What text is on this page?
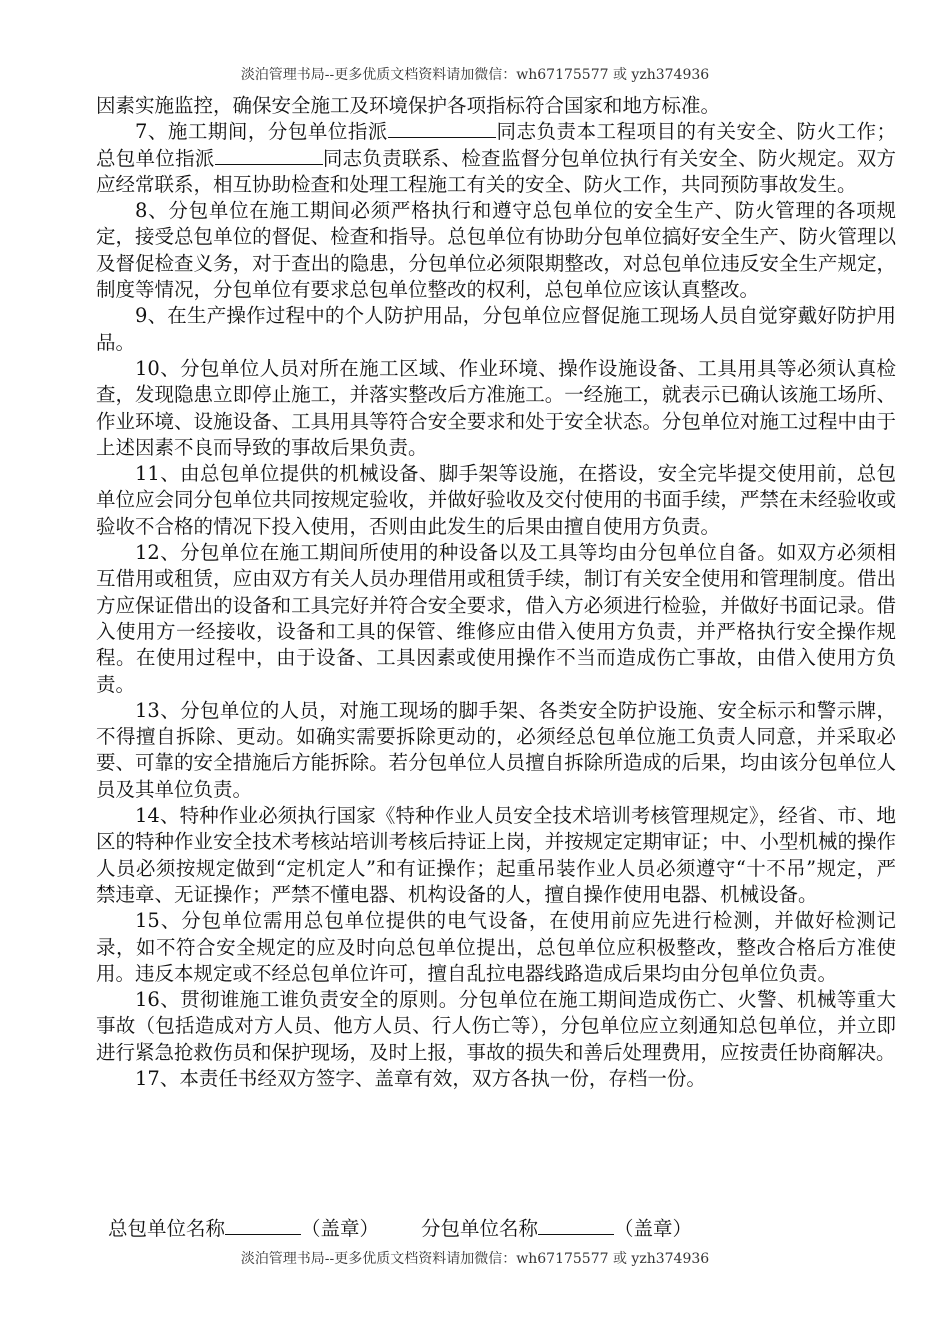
淡泊管理书局--更多优质文档资料请加微信：wh67175577 或 yzh374936

因素实施监控，确保安全施工及环境保护各项指标符合国家和地方标准。

7、施工期间，分包单位指派	同志负责本工程项目的有关安全、防火工作；总包单位指派	同志负责联系、检查监督分包单位执行有关安全、防火规定。双方应经常联系，相互协助检查和处理工程施工有关的安全、防火工作，共同预防事故发生。

8、分包单位在施工期间必须严格执行和遵守总包单位的安全生产、防火管理的各项规定，接受总包单位的督促、检查和指导。总包单位有协助分包单位搞好安全生产、防火管理以及督促检查义务，对于查出的隐患，分包单位必须限期整改，对总包单位违反安全生产规定，制度等情况，分包单位有要求总包单位整改的权利，总包单位应该认真整改。

9、在生产操作过程中的个人防护用品，分包单位应督促施工现场人员自觉穿戴好防护用品。

10、分包单位人员对所在施工区域、作业环境、操作设施设备、工具用具等必须认真检查，发现隐患立即停止施工，并落实整改后方准施工。一经施工，就表示已确认该施工场所、作业环境、设施设备、工具用具等符合安全要求和处于安全状态。分包单位对施工过程中由于上述因素不良而导致的事故后果负责。

11、由总包单位提供的机械设备、脚手架等设施，在搭设，安全完毕提交使用前，总包单位应会同分包单位共同按规定验收，并做好验收及交付使用的书面手续，严禁在未经验收或验收不合格的情况下投入使用，否则由此发生的后果由擅自使用方负责。

12、分包单位在施工期间所使用的种设备以及工具等均由分包单位自备。如双方必须相互借用或租赁，应由双方有关人员办理借用或租赁手续，制订有关安全使用和管理制度。借出方应保证借出的设备和工具完好并符合安全要求，借入方必须进行检验，并做好书面记录。借入使用方一经接收，设备和工具的保管、维修应由借入使用方负责，并严格执行安全操作规程。在使用过程中，由于设备、工具因素或使用操作不当而造成伤亡事故，由借入使用方负责。

13、分包单位的人员，对施工现场的脚手架、各类安全防护设施、安全标示和警示牌，不得擅自拆除、更动。如确实需要拆除更动的，必须经总包单位施工负责人同意，并采取必要、可靠的安全措施后方能拆除。若分包单位人员擅自拆除所造成的后果，均由该分包单位人员及其单位负责。

14、特种作业必须执行国家《特种作业人员安全技术培训考核管理规定》，经省、市、地区的特种作业安全技术考核站培训考核后持证上岗，并按规定定期审证；中、小型机械的操作人员必须按规定做到“定机定人”和有证操作；起重吊装作业人员必须遵守“十不吊”规定，严禁违章、无证操作；严禁不懂电器、机构设备的人，擅自操作使用电器、机械设备。

15、分包单位需用总包单位提供的电气设备，在使用前应先进行检测，并做好检测记录，如不符合安全规定的应及时向总包单位提出，总包单位应积极整改，整改合格后方准使用。违反本规定或不经总包单位许可，擅自乱拉电器线路造成后果均由分包单位负责。

16、贯彻谁施工谁负责安全的原则。分包单位在施工期间造成伤亡、火警、机械等重大事故（包括造成对方人员、他方人员、行人伤亡等），分包单位应立刻通知总包单位，并立即进行紧急抢救伤员和保护现场，及时上报，事故的损失和善后处理费用，应按责任协商解决。

17、本责任书经双方签字、盖章有效，双方各执一份，存档一份。

总包单位名称	（盖章） 分包单位名称	（盖章）
淡泊管理书局--更多优质文档资料请加微信：wh67175577 或 yzh374936
